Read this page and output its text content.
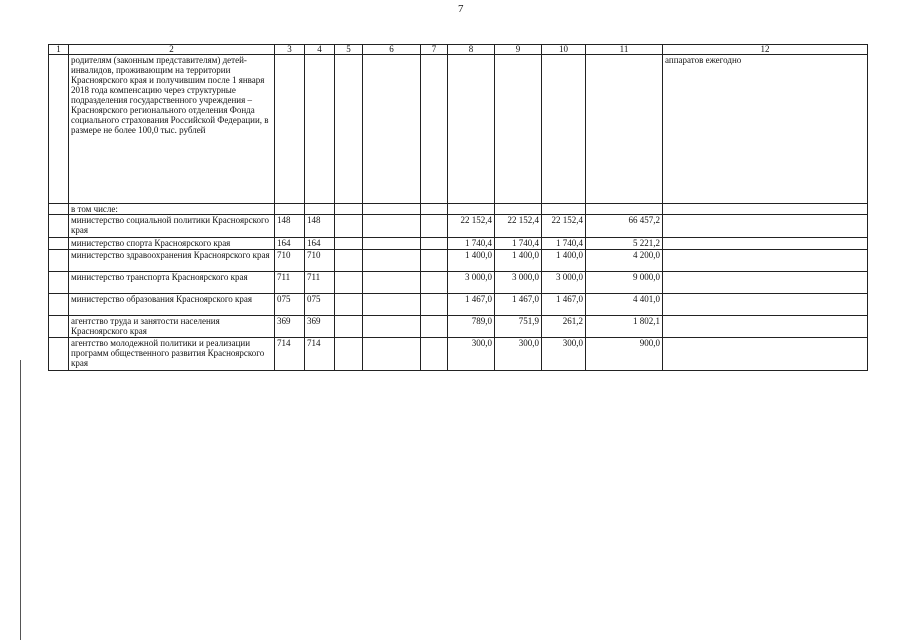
7
1	2	3	4	5	6	7	8	9	10	11	12
	родителям (законным представителям) детей-инвалидов, проживающим на территории Красноярского края и получившим после 1 января 2018 года компенсацию через структурные подразделения государственного учреждения – Красноярского регионального отделения Фонда социального страхования Российской Федерации, в размере не более 100,0 тыс. рублей										аппаратов ежегодно
	в том числе:										
	министерство социальной политики Красноярского края	148	148				22 152,4	22 152,4	22 152,4	66 457,2	
	министерство спорта Красноярского края	164	164				1 740,4	1 740,4	1 740,4	5 221,2	
	министерство здравоохранения Красноярского края	710	710				1 400,0	1 400,0	1 400,0	4 200,0	
	министерство транспорта Красноярского края	711	711				3 000,0	3 000,0	3 000,0	9 000,0	
	министерство образования Красноярского края	075	075				1 467,0	1 467,0	1 467,0	4 401,0	
	агентство труда и занятости населения Красноярского края	369	369				789,0	751,9	261,2	1 802,1	
	агентство молодежной политики и реализации программ общественного развития Красноярского края	714	714				300,0	300,0	300,0	900,0	
